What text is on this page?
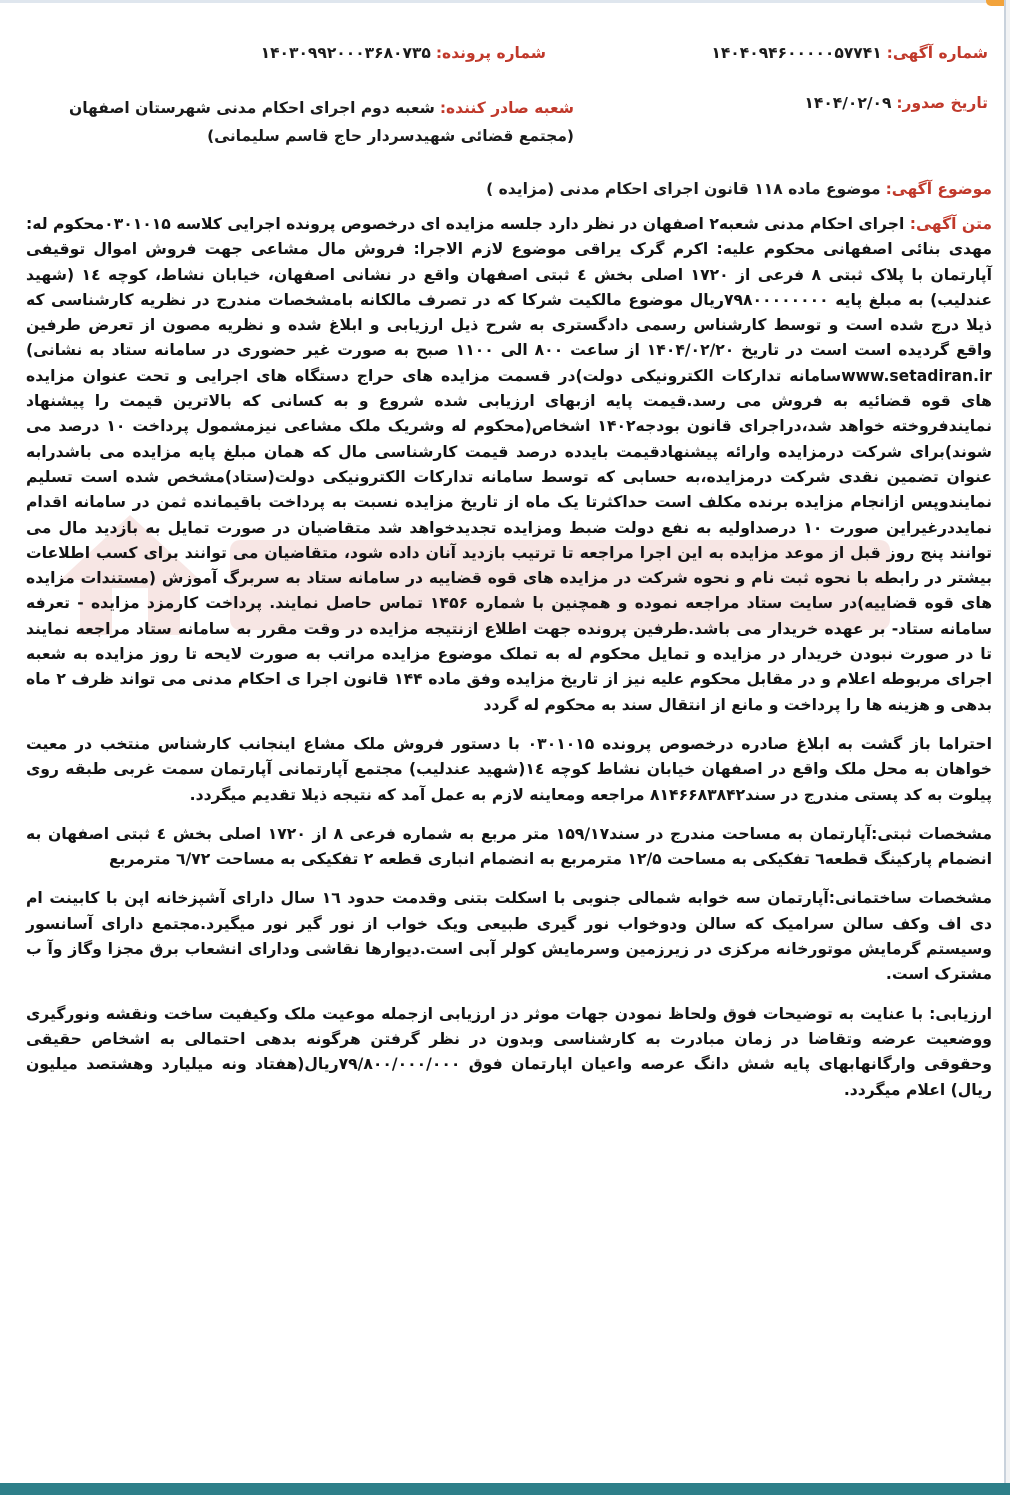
شماره آگهی: ۱۴۰۴۰۹۴۶۰۰۰۰۰۵۷۷۴۱
شماره پرونده: ۱۴۰۳۰۹۹۲۰۰۰۳۶۸۰۷۳۵
تاریخ صدور: ۱۴۰۴/۰۲/۰۹
شعبه صادر کننده: شعبه دوم اجرای احکام مدنی شهرستان اصفهان (مجتمع قضائی شهیدسردار حاج قاسم سلیمانی)
موضوع آگهی: موضوع ماده ۱۱۸ قانون اجرای احکام مدنی (مزایده )

متن آگهی: اجرای احکام مدنی شعبه۲ اصفهان در نظر دارد جلسه مزایده ای درخصوص پرونده اجرایی کلاسه ۰۳۰۱۰۱۵محکوم له: مهدی بنائی اصفهانی محکوم علیه: اکرم گرک یراقی موضوع لازم الاجرا: فروش مال مشاعی جهت فروش اموال توقیفی آپارتمان با پلاک ثبتی ۸ فرعی از ۱۷۲۰ اصلی بخش ٤ ثبتی اصفهان واقع در نشانی اصفهان، خیابان نشاط، کوچه ١٤ (شهید عندلیب) به مبلغ پایه ۷۹۸۰۰۰۰۰۰۰۰ریال موضوع مالکیت شرکا که در تصرف مالکانه بامشخصات مندرج در نظریه کارشناسی که ذیلا درج شده است و توسط کارشناس رسمی دادگستری به شرح ذیل ارزیابی و ابلاغ شده و نظریه مصون از تعرض طرفین واقع گردیده است است در تاریخ ۱۴۰۴/۰۲/۲۰ از ساعت ۸۰۰ الی ۱۱۰۰ صبح به صورت غیر حضوری در سامانه ستاد به نشانی) www.setadiran.irسامانه تدارکات الکترونیکی دولت)در قسمت مزایده های حراج دستگاه های اجرایی و تحت عنوان مزایده های قوه قضائیه به فروش می رسد.قیمت پایه ازبهای ارزیابی شده شروع و به کسانی که بالاترین قیمت را پیشنهاد نمایندفروخته خواهد شد،دراجرای قانون بودجه۱۴۰۲ اشخاص(محکوم له وشریک ملک مشاعی نیزمشمول پرداخت ۱۰ درصد می شوند)برای شرکت درمزایده وارائه پیشنهادقیمت بایدده درصد قیمت کارشناسی مال که همان مبلغ پایه مزایده می باشدرابه عنوان تضمین نقدی شرکت درمزایده،به حسابی که توسط سامانه تدارکات الکترونیکی دولت(ستاد)مشخص شده است تسلیم نمایندوپس ازانجام مزایده برنده مکلف است حداکثرتا یک ماه از تاریخ مزایده نسبت به پرداخت باقیمانده ثمن در سامانه اقدام نمایددرغیراین صورت ۱۰ درصداولیه به نفع دولت ضبط ومزایده تجدیدخواهد شد متقاضیان در صورت تمایل به بازدید مال می توانند پنج روز قبل از موعد مزایده به این اجرا مراجعه تا ترتیب بازدید آنان داده شود، متقاضیان می توانند برای کسب اطلاعات بیشتر در رابطه با نحوه ثبت نام و نحوه شرکت در مزایده های قوه قضاییه در سامانه ستاد به سربرگ آموزش (مستندات مزایده های قوه قضاییه)در سایت ستاد مراجعه نموده و همچنین با شماره ۱۴۵۶ تماس حاصل نمایند. پرداخت کارمزد مزایده - تعرفه سامانه ستاد- بر عهده خریدار می باشد.طرفین پرونده جهت اطلاع ازنتیجه مزایده در وقت مقرر به سامانه ستاد مراجعه نمایند تا در صورت نبودن خریدار در مزایده و تمایل محکوم له به تملک موضوع مزایده مراتب به صورت لایحه تا روز مزایده به شعبه اجرای مربوطه اعلام و در مقابل محکوم علیه نیز از تاریخ مزایده وفق ماده ۱۴۴ قانون اجرا ی احکام مدنی می تواند ظرف ۲ ماه بدهی و هزینه ها را پرداخت و مانع از انتقال سند به محکوم له گردد

احتراما باز گشت به ابلاغ صادره درخصوص پرونده ۰۳۰۱۰۱۵ با دستور فروش ملک مشاع اینجانب کارشناس منتخب در معیت خواهان به محل ملک واقع در اصفهان خیابان نشاط کوچه ١٤(شهید عندلیب) مجتمع آپارتمانی آپارتمان سمت غربی طبقه روی پیلوت به کد پستی مندرج در سند۸۱۴۶۶۸۳۸۴۲ مراجعه ومعاینه لازم به عمل آمد که نتیجه ذیلا تقدیم میگردد.

مشخصات ثبتی:آپارتمان به مساحت مندرج در سند۱۵۹/۱۷ متر مربع به شماره فرعی ۸ از ۱۷۲۰ اصلی بخش ٤ ثبتی اصفهان به انضمام پارکینگ قطعه٦ تفکیکی به مساحت ۱۲/۵ مترمربع به انضمام انباری قطعه ۲ تفکیکی به مساحت ٦/٧٢ مترمربع

مشخصات ساختمانی:آپارتمان سه خوابه شمالی جنوبی با اسکلت بتنی وقدمت حدود ١٦ سال دارای آشپزخانه اپن با کابینت ام دی اف وکف سالن سرامیک که سالن ودوخواب نور گیری طبیعی ویک خواب از نور گیر نور میگیرد.مجتمع دارای آسانسور وسیستم گرمایش موتورخانه مرکزی در زیرزمین وسرمایش کولر آبی است.دیوارها نقاشی ودارای انشعاب برق مجزا وگاز وآ ب مشترک است.

ارزیابی: با عنایت به توضیحات فوق ولحاظ نمودن جهات موثر دز ارزیابی ازجمله موعیت ملک وکیفیت ساخت ونقشه ونورگیری ووضعیت عرضه وتقاضا در زمان مبادرت به کارشناسی وبدون در نظر گرفتن هرگونه بدهی احتمالی به اشخاص حقیقی وحقوقی وارگانهابهای پایه شش دانگ عرصه واعیان اپارتمان فوق ۷۹/۸۰۰/۰۰۰/۰۰۰ریال(هفتاد ونه میلیارد وهشتصد میلیون ریال) اعلام میگردد.
